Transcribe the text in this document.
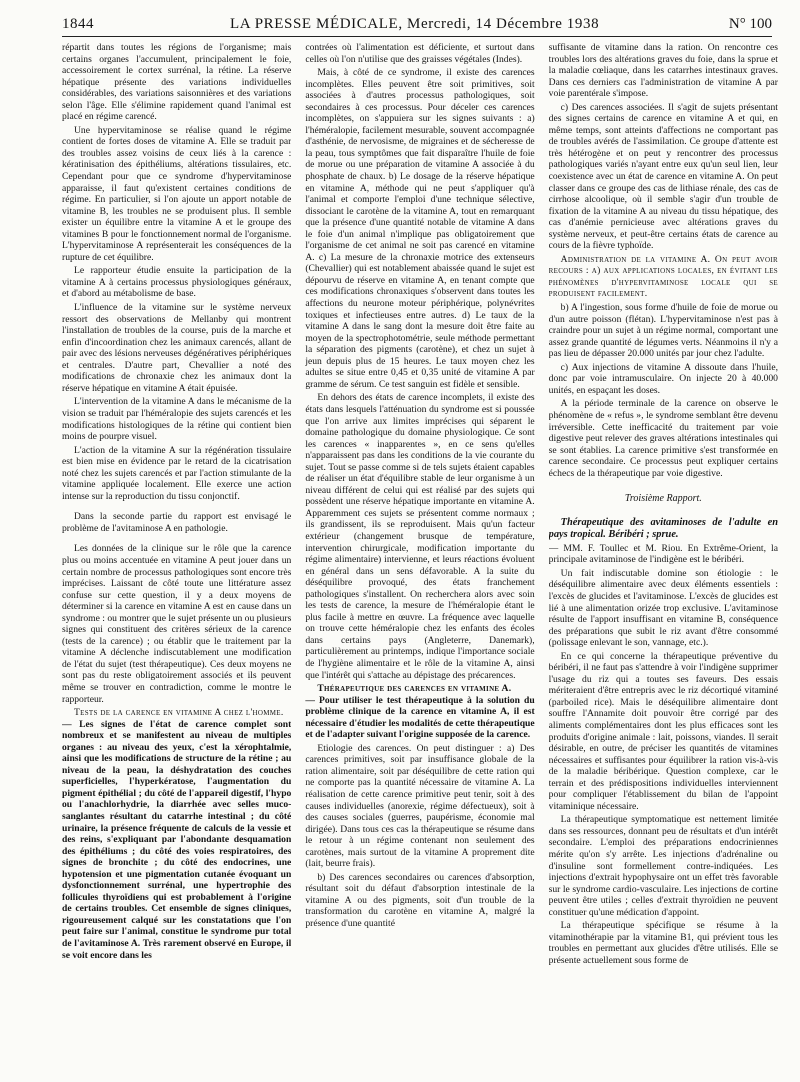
1844	LA PRESSE MÉDICALE, Mercredi, 14 Décembre 1938	N° 100

répartit dans toutes les régions de l'organisme; mais certains organes l'accumulent, principalement le foie, accessoirement le cortex surrénal, la rétine. La réserve hépatique présente des variations individuelles considérables, des variations saisonnières et des variations selon l'âge. Elle s'élimine rapidement quand l'animal est placé en régime carencé.

Une hypervitaminose se réalise quand le régime contient de fortes doses de vitamine A. Elle se traduit par des troubles assez voisins de ceux liés à la carence : kératinisation des épithéliums, altérations tissulaires, etc. Cependant pour que ce syndrome d'hypervitaminose apparaisse, il faut qu'existent certaines conditions de régime. En particulier, si l'on ajoute un apport notable de vitamine B, les troubles ne se produisent plus. Il semble exister un équilibre entre la vitamine A et le groupe des vitamines B pour le fonctionnement normal de l'organisme. L'hypervitaminose A représenterait les conséquences de la rupture de cet équilibre.

Le rapporteur étudie ensuite la participation de la vitamine A à certains processus physiologiques généraux, et d'abord au métabolisme de base.

L'influence de la vitamine sur le système nerveux ressort des observations de Mellanby qui montrent l'installation de troubles de la course, puis de la marche et enfin d'incoordination chez les animaux carencés, allant de pair avec des lésions nerveuses dégénératives périphériques et centrales. D'autre part, Chevallier a noté des modifications de chronaxie chez les animaux dont la réserve hépatique en vitamine A était épuisée.

L'intervention de la vitamine A dans le mécanisme de la vision se traduit par l'héméralopie des sujets carencés et les modifications histologiques de la rétine qui contient bien moins de pourpre visuel.

L'action de la vitamine A sur la régénération tissulaire est bien mise en évidence par le retard de la cicatrisation noté chez les sujets carencés et par l'action stimulante de la vitamine appliquée localement. Elle exerce une action intense sur la reproduction du tissu conjonctif.

Dans la seconde partie du rapport est envisagé le problème de l'avitaminose A en pathologie.

Les données de la clinique sur le rôle que la carence plus ou moins accentuée en vitamine A peut jouer dans un certain nombre de processus pathologiques sont encore très imprécises. Laissant de côté toute une littérature assez confuse sur cette question, il y a deux moyens de déterminer si la carence en vitamine A est en cause dans un syndrome : ou montrer que le sujet présente un ou plusieurs signes qui constituent des critères sérieux de la carence (tests de la carence) ; ou établir que le traitement par la vitamine A déclenche indiscutablement une modification de l'état du sujet (test thérapeutique). Ces deux moyens ne sont pas du reste obligatoirement associés et ils peuvent même se trouver en contradiction, comme le montre le rapporteur.

Tests de la carence en vitamine A chez l'homme.

— Les signes de l'état de carence complet sont nombreux et se manifestent au niveau de multiples organes : au niveau des yeux, c'est la xérophtalmie, ainsi que les modifications de structure de la rétine ; au niveau de la peau, la déshydratation des couches superficielles, l'hyperkératose, l'augmentation du pigment épithélial ; du côté de l'appareil digestif, l'hypo ou l'anachlorhydrie, la diarrhée avec selles muco-sanglantes résultant du catarrhe intestinal ; du côté urinaire, la présence fréquente de calculs de la vessie et des reins, s'expliquant par l'abondante desquamation des épithéliums ; du côté des voies respiratoires, des signes de bronchite ; du côté des endocrines, une hypotension et une pigmentation cutanée évoquant un dysfonctionnement surrénal, une hypertrophie des follicules thyroïdiens qui est probablement à l'origine de certains troubles. Cet ensemble de signes cliniques, rigoureusement calqué sur les constatations que l'on peut faire sur l'animal, constitue le syndrome pur total de l'avitaminose A. Très rarement observé en Europe, il se voit encore dans les

contrées où l'alimentation est déficiente, et surtout dans celles où l'on n'utilise que des graisses végétales (Indes).

Mais, à côté de ce syndrome, il existe des carences incomplètes. Elles peuvent être soit primitives, soit associées à d'autres processus pathologiques, soit secondaires à ces processus. Pour déceler ces carences incomplètes, on s'appuiera sur les signes suivants : a) l'héméralopie, facilement mesurable, souvent accompagnée d'asthénie, de nervosisme, de migraines et de sécheresse de la peau, tous symptômes que fait disparaître l'huile de foie de morue ou une préparation de vitamine A associée à du phosphate de chaux. b) Le dosage de la réserve hépatique en vitamine A, méthode qui ne peut s'appliquer qu'à l'animal et comporte l'emploi d'une technique sélective, dissociant le carotène de la vitamine A, tout en remarquant que la présence d'une quantité notable de vitamine A dans le foie d'un animal n'implique pas obligatoirement que l'organisme de cet animal ne soit pas carencé en vitamine A. c) La mesure de la chronaxie motrice des extenseurs (Chevallier) qui est notablement abaissée quand le sujet est dépourvu de réserve en vitamine A, en tenant compte que ces modifications chronaxiques s'observent dans toutes les affections du neurone moteur périphérique, polynévrites toxiques et infectieuses entre autres. d) Le taux de la vitamine A dans le sang dont la mesure doit être faite au moyen de la spectrophotométrie, seule méthode permettant la séparation des pigments (carotène), et chez un sujet à jeun depuis plus de 15 heures. Le taux moyen chez les adultes se situe entre 0,45 et 0,35 unité de vitamine A par gramme de sérum. Ce test sanguin est fidèle et sensible.

En dehors des états de carence incomplets, il existe des états dans lesquels l'atténuation du syndrome est si poussée que l'on arrive aux limites imprécises qui séparent le domaine pathologique du domaine physiologique. Ce sont les carences « inapparentes », en ce sens qu'elles n'apparaissent pas dans les conditions de la vie courante du sujet. Tout se passe comme si de tels sujets étaient capables de réaliser un état d'équilibre stable de leur organisme à un niveau différent de celui qui est réalisé par des sujets qui possèdent une réserve hépatique importante en vitamine A. Apparemment ces sujets se présentent comme normaux ; ils grandissent, ils se reproduisent. Mais qu'un facteur extérieur (changement brusque de température, intervention chirurgicale, modification importante du régime alimentaire) intervienne, et leurs réactions évoluent en général dans un sens défavorable. A la suite du déséquilibre provoqué, des états franchement pathologiques s'installent. On rechercherа alors avec soin les tests de carence, la mesure de l'héméralopie étant le plus facile à mettre en œuvre. La fréquence avec laquelle on trouve cette héméralopie chez les enfants des écoles dans certains pays (Angleterre, Danemark), particulièrement au printemps, indique l'importance sociale de l'hygiène alimentaire et le rôle de la vitamine A, ainsi que l'intérêt qui s'attache au dépistage des précarences.

Thérapeutique des carences en vitamine A.

— Pour utiliser le test thérapeutique à la solution du problème clinique de la carence en vitamine A, il est nécessaire d'étudier les modalités de cette thérapeutique et de l'adapter suivant l'origine supposée de la carence.

Etiologie des carences. On peut distinguer : a) Des carences primitives, soit par insuffisance globale de la ration alimentaire, soit par déséquilibre de cette ration qui ne comporte pas la quantité nécessaire de vitamine A. La réalisation de cette carence primitive peut tenir, soit à des causes individuelles (anorexie, régime défectueux), soit à des causes sociales (guerres, paupérisme, économie mal dirigée). Dans tous ces cas la thérapeutique se résume dans le retour à un régime contenant non seulement des carotènes, mais surtout de la vitamine A proprement dite (lait, beurre frais).

b) Des carences secondaires ou carences d'absorption, résultant soit du défaut d'absorption intestinale de la vitamine A ou des pigments, soit d'un trouble de la transformation du carotène en vitamine A, malgré la présence d'une quantité

suffisante de vitamine dans la ration. On rencontre ces troubles lors des altérations graves du foie, dans la sprue et la maladie cœliaque, dans les catarrhes intestinaux graves. Dans ces derniers cas l'administration de vitamine A par voie parentérale s'impose.

c) Des carences associées. Il s'agit de sujets présentant des signes certains de carence en vitamine A et qui, en même temps, sont atteints d'affections ne comportant pas de troubles avérés de l'assimilation. Ce groupe d'attente est très hétérogène et on peut y rencontrer des processus pathologiques variés n'ayant entre eux qu'un seul lien, leur coexistence avec un état de carence en vitamine A. On peut classer dans ce groupe des cas de lithiase rénale, des cas de cirrhose alcoolique, où il semble s'agir d'un trouble de fixation de la vitamine A au niveau du tissu hépatique, des cas d'anémie pernicieuse avec altérations graves du système nerveux, et peut-être certains états de carence au cours de la fièvre typhoïde.

Administration de la vitamine A. On peut avoir recours : a) aux applications locales, en évitant les phénomènes d'hypervitaminose locale qui se produisent facilement.

b) A l'ingestion, sous forme d'huile de foie de morue ou d'un autre poisson (flétan). L'hypervitaminose n'est pas à craindre pour un sujet à un régime normal, comportant une assez grande quantité de légumes verts. Néanmoins il n'y a pas lieu de dépasser 20.000 unités par jour chez l'adulte.

c) Aux injections de vitamine A dissoute dans l'huile, donc par voie intramusculaire. On injecte 20 à 40.000 unités, en espaçant les doses.

A la période terminale de la carence on observe le phénomène de « refus », le syndrome semblant être devenu irréversible. Cette inefficacité du traitement par voie digestive peut relever des graves altérations intestinales qui se sont établies. La carence primitive s'est transformée en carence secondaire. Ce processus peut expliquer certains échecs de la thérapeutique par voie digestive.

Troisième Rapport.

Thérapeutique des avitaminoses de l'adulte en pays tropical. Béribéri ; sprue.

— MM. F. Toullec et M. Riou. En Extrême-Orient, la principale avitaminose de l'indigène est le béribéri.

Un fait indiscutable domine son étiologie : le déséquilibre alimentaire avec deux éléments essentiels : l'excès de glucides et l'avitaminose. L'excès de glucides est lié à une alimentation orizée trop exclusive. L'avitaminose résulte de l'apport insuffisant en vitamine B, conséquence des préparations que subit le riz avant d'être consommé (polissage enlevant le son, vannage, etc.).

En ce qui concerne la thérapeutique préventive du béribéri, il ne faut pas s'attendre à voir l'indigène supprimer l'usage du riz qui a toutes ses faveurs. Des essais mériteraient d'être entrepris avec le riz décortiqué vitaminé (parboiled rice). Mais le déséquilibre alimentaire dont souffre l'Annamite doit pouvoir être corrigé par des aliments complémentaires dont les plus efficaces sont les produits d'origine animale : lait, poissons, viandes. Il serait désirable, en outre, de préciser les quantités de vitamines nécessaires et suffisantes pour équilibrer la ration vis-à-vis de la maladie béribérique. Question complexe, car le terrain et des prédispositions individuelles interviennent pour compliquer l'établissement du bilan de l'appoint vitaminique nécessaire.

La thérapeutique symptomatique est nettement limitée dans ses ressources, donnant peu de résultats et d'un intérêt secondaire. L'emploi des préparations endocriniennes mérite qu'on s'y arrête. Les injections d'adrénaline ou d'insuline sont formellement contre-indiquées. Les injections d'extrait hypophysaire ont un effet très favorable sur le syndrome cardio-vasculaire. Les injections de cortine peuvent être utiles ; celles d'extrait thyroïdien ne peuvent constituer qu'une médication d'appoint.

La thérapeutique spécifique se résume à la vitaminothérapie par la vitamine B1, qui prévient tous les troubles en permettant aux glucides d'être utilisés. Elle se présente actuellement sous forme de
